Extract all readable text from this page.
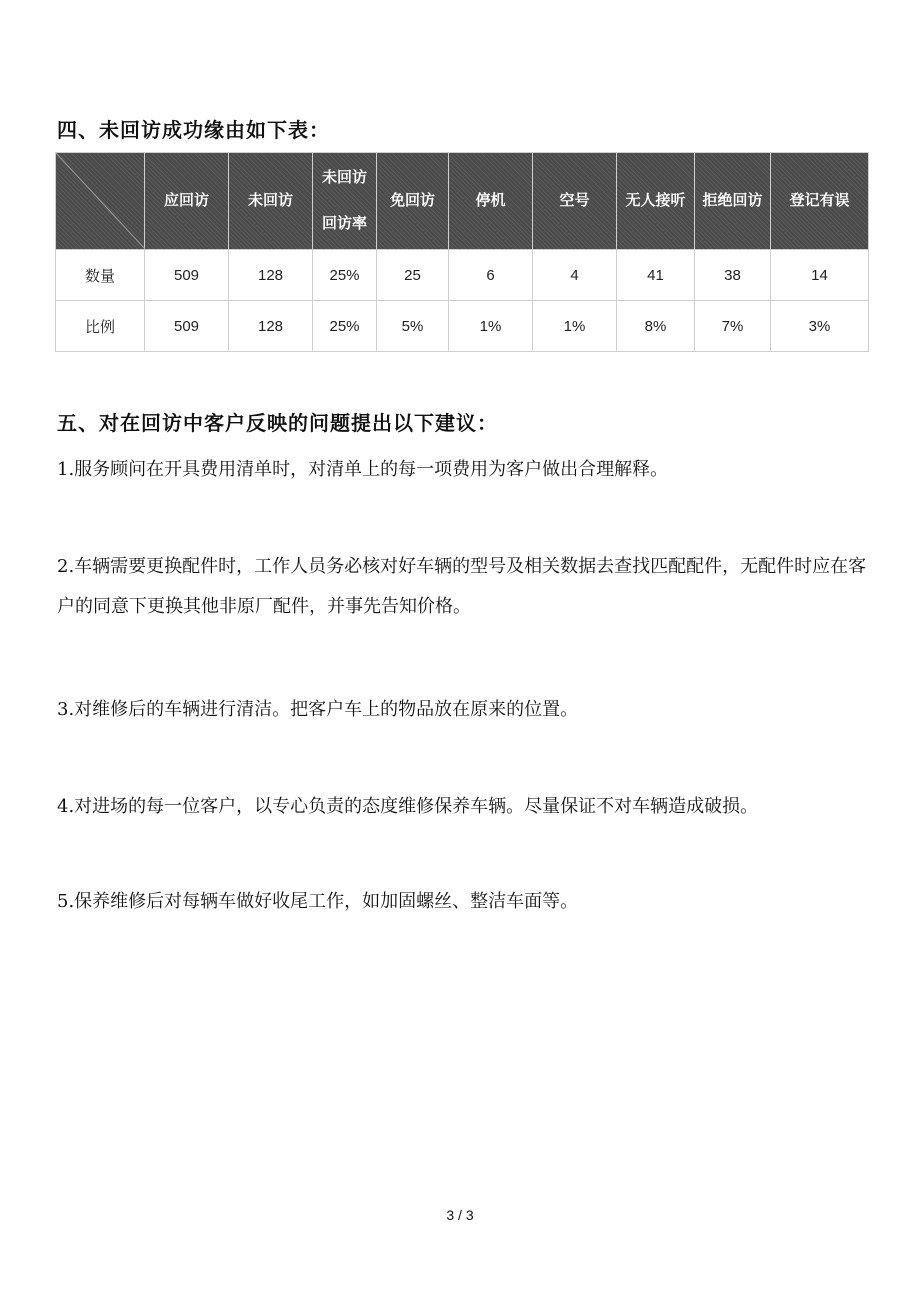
四、未回访成功缘由如下表：
	应回访	未回访	未回访回访率	免回访	停机	空号	无人接听	拒绝回访	登记有误
数量	509	128	25%	25	6	4	41	38	14
比例	509	128	25%	5%	1%	1%	8%	7%	3%
五、对在回访中客户反映的问题提出以下建议：
1.服务顾问在开具费用清单时，对清单上的每一项费用为客户做出合理解释。
2.车辆需要更换配件时，工作人员务必核对好车辆的型号及相关数据去查找匹配配件，无配件时应在客户的同意下更换其他非原厂配件，并事先告知价格。
3.对维修后的车辆进行清洁。把客户车上的物品放在原来的位置。
4.对进场的每一位客户，以专心负责的态度维修保养车辆。尽量保证不对车辆造成破损。
5.保养维修后对每辆车做好收尾工作，如加固螺丝、整洁车面等。
3 / 3
